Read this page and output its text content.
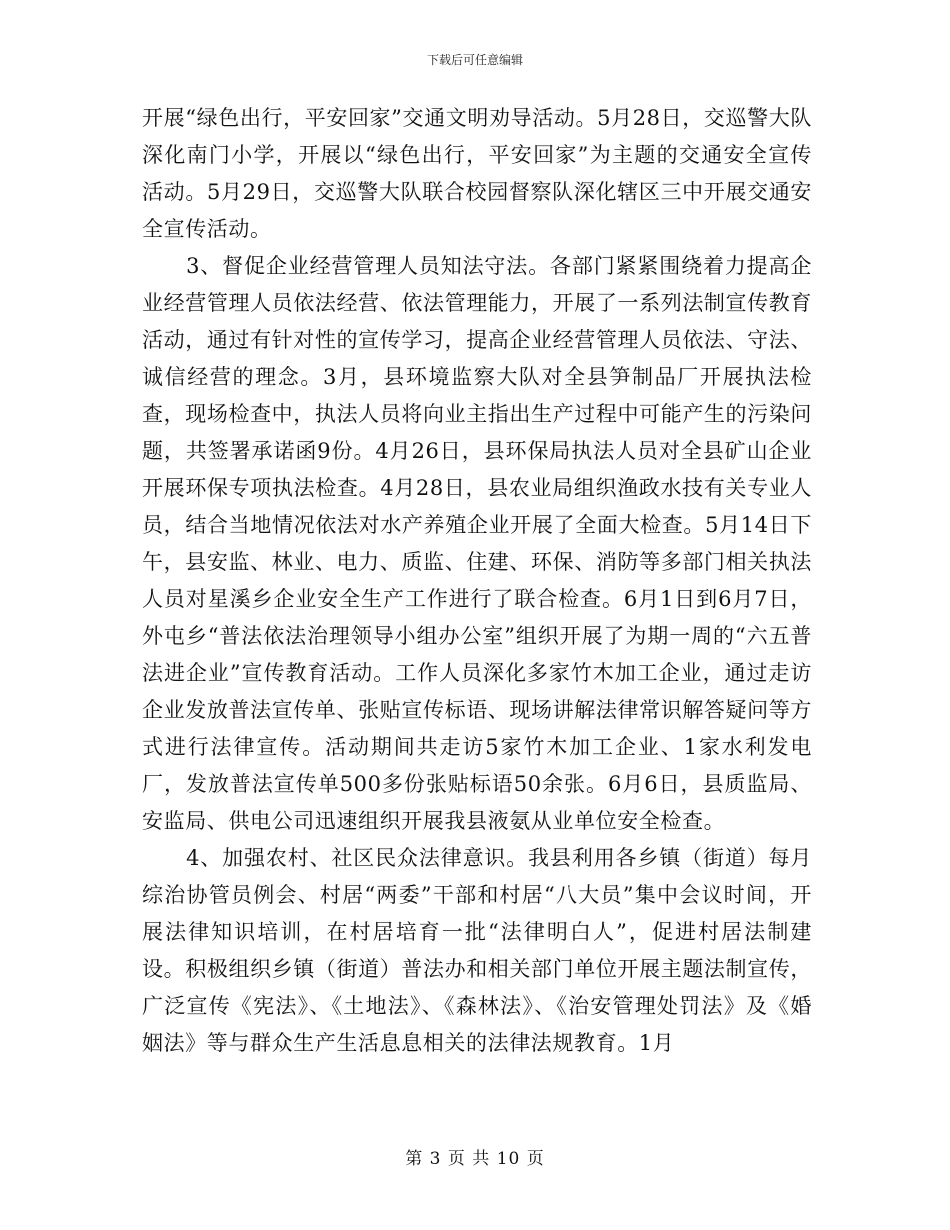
下载后可任意编辑

开展“绿色出行，平安回家”交通文明劝导活动。5月28日，交巡警大队深化南门小学，开展以“绿色出行，平安回家”为主题的交通安全宣传活动。5月29日，交巡警大队联合校园督察队深化辖区三中开展交通安全宣传活动。

3、督促企业经营管理人员知法守法。各部门紧紧围绕着力提高企业经营管理人员依法经营、依法管理能力，开展了一系列法制宣传教育活动，通过有针对性的宣传学习，提高企业经营管理人员依法、守法、诚信经营的理念。3月，县环境监察大队对全县笋制品厂开展执法检查，现场检查中，执法人员将向业主指出生产过程中可能产生的污染问题，共签署承诺函9份。4月26日，县环保局执法人员对全县矿山企业开展环保专项执法检查。4月28日，县农业局组织渔政水技有关专业人员，结合当地情况依法对水产养殖企业开展了全面大检查。5月14日下午，县安监、林业、电力、质监、住建、环保、消防等多部门相关执法人员对星溪乡企业安全生产工作进行了联合检查。6月1日到6月7日，外屯乡“普法依法治理领导小组办公室”组织开展了为期一周的“六五普法进企业”宣传教育活动。工作人员深化多家竹木加工企业，通过走访企业发放普法宣传单、张贴宣传标语、现场讲解法律常识解答疑问等方式进行法律宣传。活动期间共走访5家竹木加工企业、1家水利发电厂，发放普法宣传单500多份张贴标语50余张。6月6日，县质监局、安监局、供电公司迅速组织开展我县液氨从业单位安全检查。

4、加强农村、社区民众法律意识。我县利用各乡镇（街道）每月综治协管员例会、村居“两委”干部和村居“八大员”集中会议时间，开展法律知识培训，在村居培育一批“法律明白人”，促进村居法制建设。积极组织乡镇（街道）普法办和相关部门单位开展主题法制宣传，广泛宣传《宪法》、《土地法》、《森林法》、《治安管理处罚法》及《婚姻法》等与群众生产生活息息相关的法律法规教育。1月

第 3 页 共 10 页
